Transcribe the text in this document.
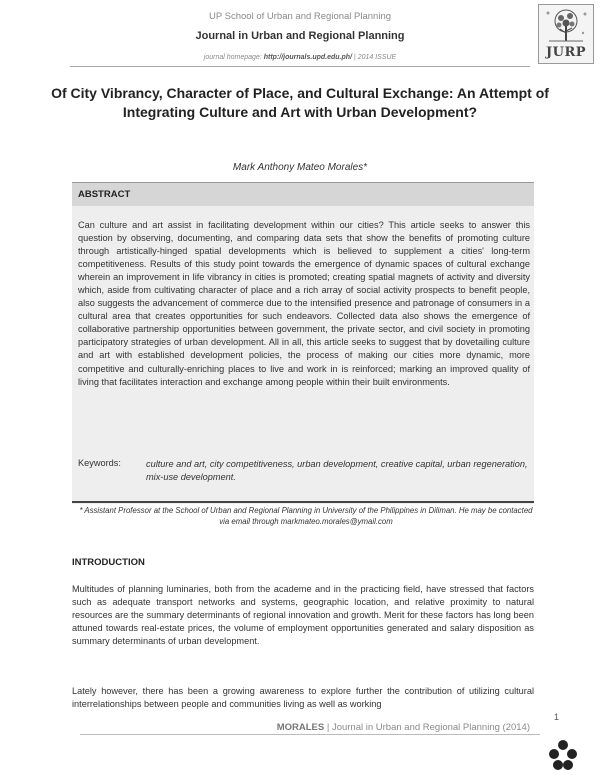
UP School of Urban and Regional Planning
Journal in Urban and Regional Planning
journal homepage: http://journals.upd.edu.ph/ | 2014 ISSUE	JURP
Of City Vibrancy, Character of Place, and Cultural Exchange: An Attempt of Integrating Culture and Art with Urban Development?
Mark Anthony Mateo Morales*
ABSTRACT
Can culture and art assist in facilitating development within our cities? This article seeks to answer this question by observing, documenting, and comparing data sets that show the benefits of promoting culture through artistically-hinged spatial developments which is believed to supplement a cities' long-term competitiveness. Results of this study point towards the emergence of dynamic spaces of cultural exchange wherein an improvement in life vibrancy in cities is promoted; creating spatial magnets of activity and diversity which, aside from cultivating character of place and a rich array of social activity prospects to benefit people, also suggests the advancement of commerce due to the intensified presence and patronage of consumers in a cultural area that creates opportunities for such endeavors. Collected data also shows the emergence of collaborative partnership opportunities between government, the private sector, and civil society in promoting participatory strategies of urban development. All in all, this article seeks to suggest that by dovetailing culture and art with established development policies, the process of making our cities more dynamic, more competitive and culturally-enriching places to live and work in is reinforced; marking an improved quality of living that facilitates interaction and exchange among people within their built environments.
Keywords:	culture and art, city competitiveness, urban development, creative capital, urban regeneration, mix-use development.
* Assistant Professor at the School of Urban and Regional Planning in University of the Philippines in Diliman. He may be contacted via email through markmateo.morales@ymail.com
INTRODUCTION
Multitudes of planning luminaries, both from the academe and in the practicing field, have stressed that factors such as adequate transport networks and systems, geographic location, and relative proximity to natural resources are the summary determinants of regional innovation and growth. Merit for these factors has long been attuned towards real-estate prices, the volume of employment opportunities generated and salary disposition as summary determinants of urban development.
Lately however, there has been a growing awareness to explore further the contribution of utilizing cultural interrelationships between people and communities living as well as working
1
MORALES | Journal in Urban and Regional Planning (2014)
